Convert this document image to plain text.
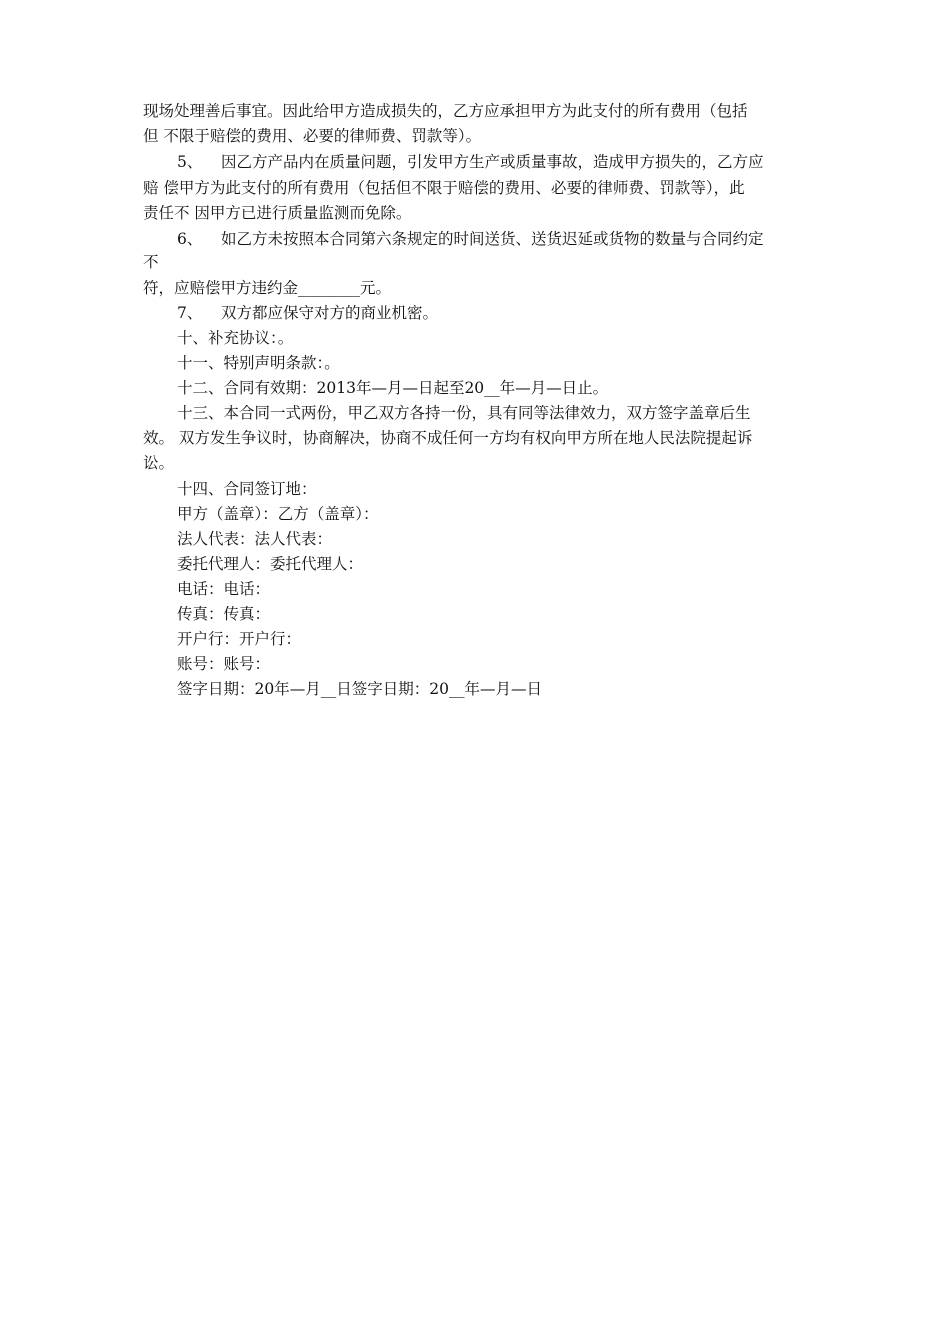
现场处理善后事宜。因此给甲方造成损失的，乙方应承担甲方为此支付的所有费用（包括
但 不限于赔偿的费用、必要的律师费、罚款等）。
5、 因乙方产品内在质量问题，引发甲方生产或质量事故，造成甲方损失的，乙方应
赔 偿甲方为此支付的所有费用（包括但不限于赔偿的费用、必要的律师费、罚款等），此
责任不 因甲方已进行质量监测而免除。
6、 如乙方未按照本合同第六条规定的时间送货、送货迟延或货物的数量与合同约定
不
符，应赔偿甲方违约金________元。
7、 双方都应保守对方的商业机密。
十、补充协议：。
十一、特别声明条款：。
十二、合同有效期：2013年—月—日起至20__年—月—日止。
十三、本合同一式两份，甲乙双方各持一份，具有同等法律效力，双方签字盖章后生
效。 双方发生争议时，协商解决，协商不成任何一方均有权向甲方所在地人民法院提起诉
讼。
十四、合同签订地：
甲方（盖章）：乙方（盖章）：
法人代表：法人代表：
委托代理人：委托代理人：
电话：电话：
传真：传真：
开户行：开户行：
账号：账号：
签字日期：20年—月__日签字日期：20__年—月—日
